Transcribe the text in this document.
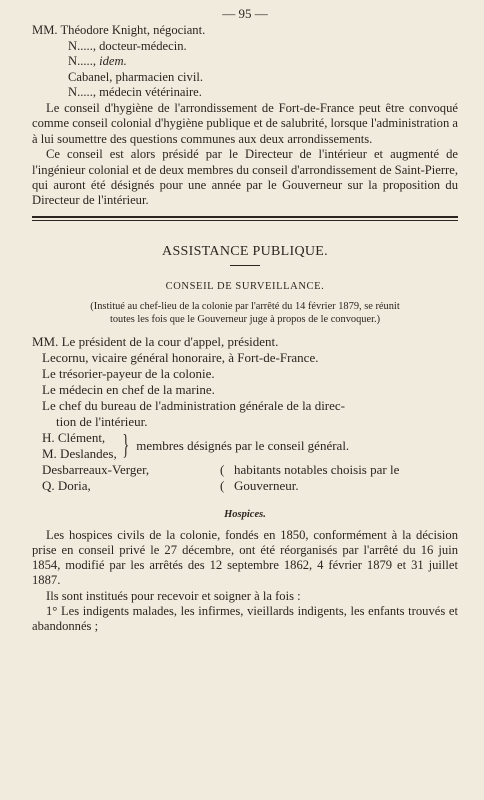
— 95 —
MM. Théodore Knight, négociant.
N....., docteur-médecin.
N....., idem.
Cabanel, pharmacien civil.
N....., médecin vétérinaire.

Le conseil d'hygiène de l'arrondissement de Fort-de-France peut être convoqué comme conseil colonial d'hygiène publique et de salubrité, lorsque l'administration a à lui soumettre des questions communes aux deux arrondissements.

Ce conseil est alors présidé par le Directeur de l'intérieur et augmenté de l'ingénieur colonial et de deux membres du conseil d'arrondissement de Saint-Pierre, qui auront été désignés pour une année par le Gouverneur sur la proposition du Directeur de l'intérieur.

ASSISTANCE PUBLIQUE.
CONSEIL DE SURVEILLANCE.
(Institué au chef-lieu de la colonie par l'arrêté du 14 février 1879, se réunit
toutes les fois que le Gouverneur juge à propos de le convoquer.)
MM. Le président de la cour d'appel, président.
Lecornu, vicaire général honoraire, à Fort-de-France.
Le trésorier-payeur de la colonie.
Le médecin en chef de la marine.
Le chef du bureau de l'administration générale de la direc-
tion de l'intérieur.
H. Clément,
M. Deslandes, } membres désignés par le conseil général.
Desbarreaux-Verger,	( habitants notables choisis par le
Q. Doria,	( Gouverneur.
Hospices.

Les hospices civils de la colonie, fondés en 1850, conformément à la décision prise en conseil privé le 27 décembre, ont été réorganisés par l'arrêté du 16 juin 1854, modifié par les arrêtés des 12 septembre 1862, 4 février 1879 et 31 juillet 1887.

Ils sont institués pour recevoir et soigner à la fois :

1° Les indigents malades, les infirmes, vieillards indigents, les enfants trouvés et abandonnés ;
